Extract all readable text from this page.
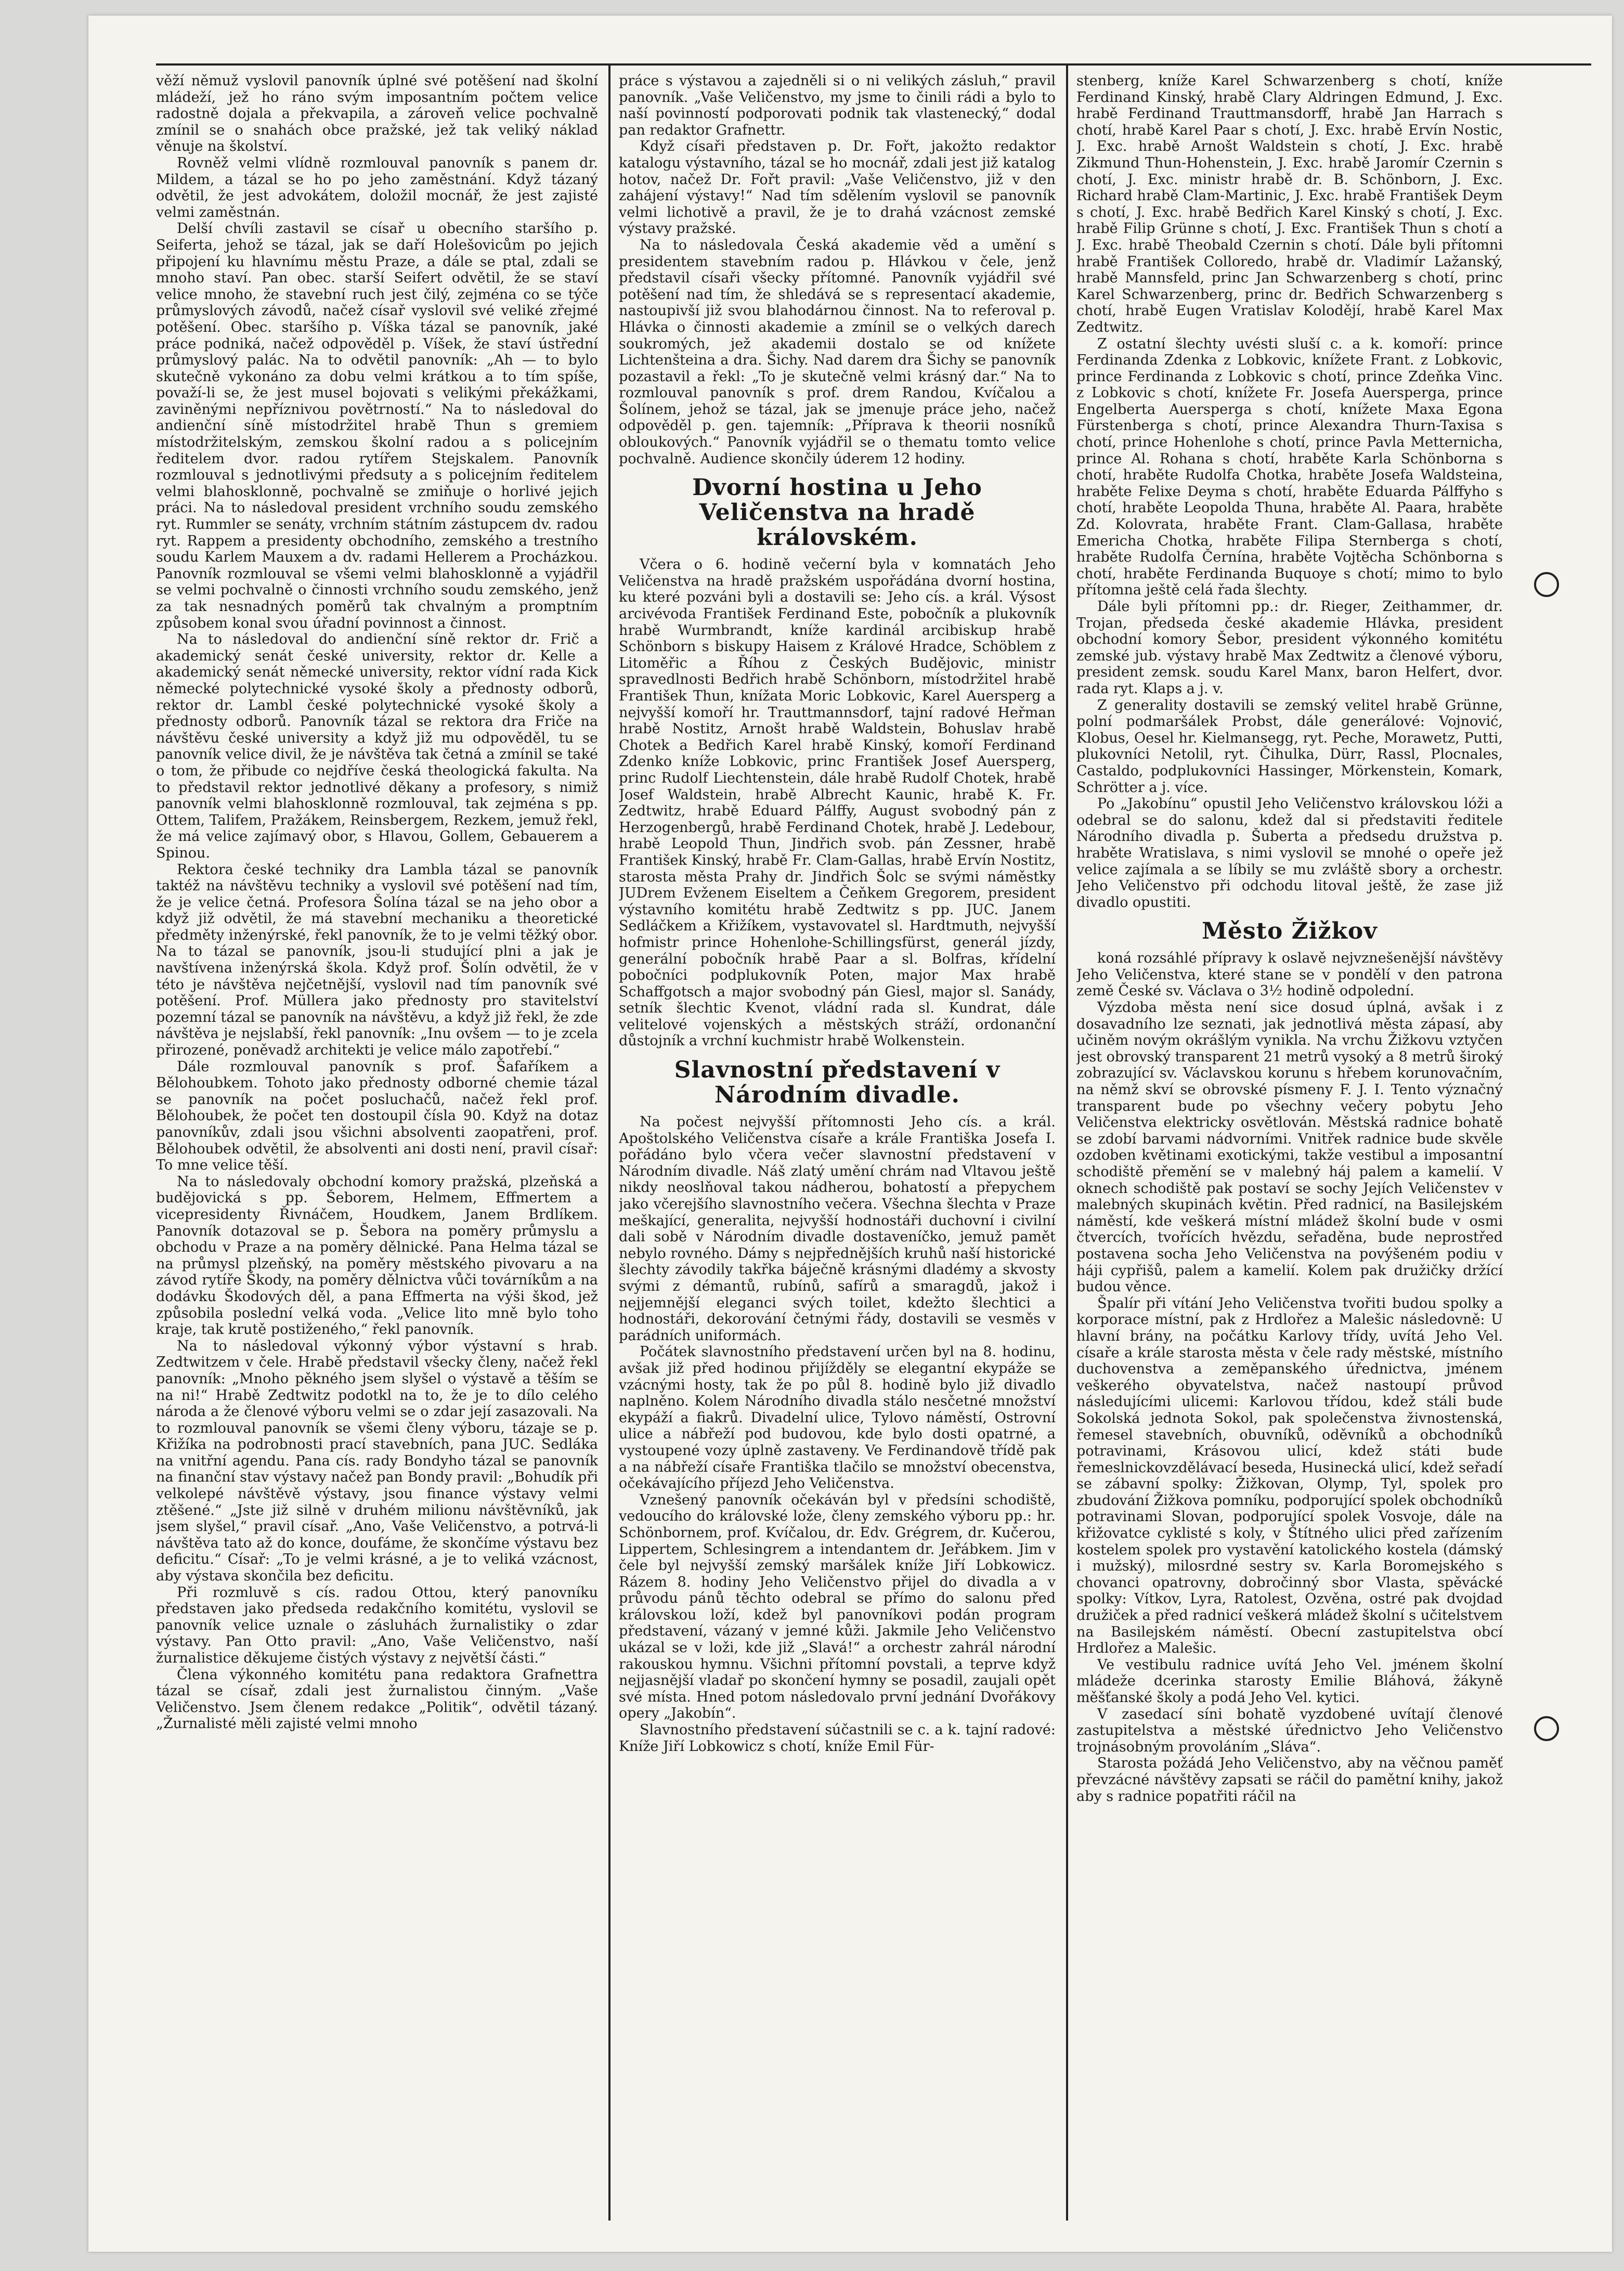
věží němuž vyslovil panovník úplné své potěšení nad školní mládeží, jež ho ráno svým imposantním počtem velice radostně dojala a překvapila, a zároveň velice pochvalně zmínil se o snahách obce pražské, jež tak veliký náklad věnuje na školství.

Rovněž velmi vlídně rozmlouval panovník s panem dr. Mildem, a tázal se ho po jeho zaměstnání. Když tázaný odvětil, že jest advokátem, doložil mocnář, že jest zajisté velmi zaměstnán.

Delší chvíli zastavil se císař u obecního staršího p. Seiferta, jehož se tázal, jak se daří Holešovicům po jejich připojení ku hlavnímu městu Praze, a dále se ptal, zdali se mnoho staví. Pan obec. starší Seifert odvětil, že se staví velice mnoho, že stavební ruch jest čilý, zejména co se týče průmyslových závodů, načež císař vyslovil své veliké zřejmé potěšení. Obec. staršího p. Víška tázal se panovník, jaké práce podniká, načež odpověděl p. Víšek, že staví ústřední průmyslový palác. Na to odvětil panovník: „Ah — to bylo skutečně vykonáno za dobu velmi krátkou a to tím spíše, považí-li se, že jest musel bojovati s velikými překážkami, zaviněnými nepříznivou povětrností.“ Na to následoval do andienční síně místodržitel hrabě Thun s gremiem místodržitelským, zemskou školní radou a s policejním ředitelem dvor. radou rytířem Stejskalem. Panovník rozmlouval s jednotlivými předsuty a s policejním ředitelem velmi blahosklonně, pochvalně se zmiňuje o horlivé jejich práci. Na to následoval president vrchního soudu zemského ryt. Rummler se senáty, vrchním státním zástupcem dv. radou ryt. Rappem a presidenty obchodního, zemského a trestního soudu Karlem Mauxem a dv. radami Hellerem a Procházkou. Panovník rozmlouval se všemi velmi blahosklonně a vyjádřil se velmi pochvalně o činnosti vrchního soudu zemského, jenž za tak nesnadných poměrů tak chvalným a promptním způsobem konal svou úřadní povinnost a činnost.

Na to následoval do andienční síně rektor dr. Frič a akademický senát české university, rektor dr. Kelle a akademický senát německé university, rektor vídní rada Kick německé polytechnické vysoké školy a přednosty odborů, rektor dr. Lambl české polytechnické vysoké školy a přednosty odborů. Panovník tázal se rektora dra Friče na návštěvu české university a když již mu odpověděl, tu se panovník velice divil, že je návštěva tak četná a zmínil se také o tom, že přibude co nejdříve česká theologická fakulta. Na to představil rektor jednotlivé děkany a profesory, s nimiž panovník velmi blahosklonně rozmlouval, tak zejména s pp. Ottem, Talifem, Pražákem, Reinsbergem, Rezkem, jemuž řekl, že má velice zajímavý obor, s Hlavou, Gollem, Gebauerem a Spinou.

Rektora české techniky dra Lambla tázal se panovník taktéž na návštěvu techniky a vyslovil své potěšení nad tím, že je velice četná. Profesora Šolína tázal se na jeho obor a když již odvětil, že má stavební mechaniku a theoretické předměty inženýrské, řekl panovník, že to je velmi těžký obor. Na to tázal se panovník, jsou-li studující plni a jak je navštívena inženýrská škola. Když prof. Šolín odvětil, že v této je návštěva nejčetnější, vyslovil nad tím panovník své potěšení. Prof. Müllera jako přednosty pro stavitelství pozemní tázal se panovník na návštěvu, a když již řekl, že zde návštěva je nejslabší, řekl panovník: „Inu ovšem — to je zcela přirozené, poněvadž architekti je velice málo zapotřebí.“

Dále rozmlouval panovník s prof. Šafaříkem a Bělohoubkem. Tohoto jako přednosty odborné chemie tázal se panovník na počet posluchačů, načež řekl prof. Bělohoubek, že počet ten dostoupil čísla 90. Když na dotaz panovníkův, zdali jsou všichni absolventi zaopatřeni, prof. Bělohoubek odvětil, že absolventi ani dosti není, pravil císař: To mne velice těší.

Na to následovaly obchodní komory pražská, plzeňská a budějovická s pp. Šeborem, Helmem, Effmertem a vicepresidenty Řivnáčem, Houdkem, Janem Brdlíkem. Panovník dotazoval se p. Šebora na poměry průmyslu a obchodu v Praze a na poměry dělnické. Pana Helma tázal se na průmysl plzeňský, na poměry městského pivovaru a na závod rytíře Škody, na poměry dělnictva vůči továrníkům a na dodávku Škodových děl, a pana Effmerta na výši škod, jež způsobila poslední velká voda. „Velice lito mně bylo toho kraje, tak krutě postiženého,“ řekl panovník.

Na to následoval výkonný výbor výstavní s hrab. Zedtwitzem v čele. Hrabě představil všecky členy, načež řekl panovník: „Mnoho pěkného jsem slyšel o výstavě a těším se na ni!“ Hrabě Zedtwitz podotkl na to, že je to dílo celého národa a že členové výboru velmi se o zdar její zasazovali. Na to rozmlouval panovník se všemi členy výboru, tázaje se p. Křižíka na podrobnosti prací stavebních, pana JUC. Sedláka na vnitřní agendu. Pana cís. rady Bondyho tázal se panovník na finanční stav výstavy načež pan Bondy pravil: „Bohudík při velkolepé návštěvě výstavy, jsou finance výstavy velmi ztěšené.“ „Jste již silně v druhém milionu návštěvníků, jak jsem slyšel,“ pravil císař. „Ano, Vaše Veličenstvo, a potrvá-li návštěva tato až do konce, doufáme, že skončíme výstavu bez deficitu.“ Císař: „To je velmi krásné, a je to veliká vzácnost, aby výstava skončila bez deficitu.

Při rozmluvě s cís. radou Ottou, který panovníku představen jako předseda redakčního komitétu, vyslovil se panovník velice uznale o zásluhách žurnalistiky o zdar výstavy. Pan Otto pravil: „Ano, Vaše Veličenstvo, naší žurnalistice děkujeme čistých výstavy z největší části.“

Člena výkonného komitétu pana redaktora Grafnettra tázal se císař, zdali jest žurnalistou činným. „Vaše Veličenstvo. Jsem členem redakce „Politik“, odvětil tázaný. „Žurnalisté měli zajisté velmi mnoho

práce s výstavou a zajedněli si o ni velikých zásluh,“ pravil panovník. „Vaše Veličenstvo, my jsme to činili rádi a bylo to naší povinností podporovati podnik tak vlastenecký,“ dodal pan redaktor Grafnettr.

Když císaři představen p. Dr. Fořt, jakožto redaktor katalogu výstavního, tázal se ho mocnář, zdali jest již katalog hotov, načež Dr. Fořt pravil: „Vaše Veličenstvo, již v den zahájení výstavy!“ Nad tím sdělením vyslovil se panovník velmi lichotivě a pravil, že je to drahá vzácnost zemské výstavy pražské.

Na to následovala Česká akademie věd a umění s presidentem stavebním radou p. Hlávkou v čele, jenž představil císaři všecky přítomné. Panovník vyjádřil své potěšení nad tím, že shledává se s representací akademie, nastoupivší již svou blahodárnou činnost. Na to referoval p. Hlávka o činnosti akademie a zmínil se o velkých darech soukromých, jež akademii dostalo se od knížete Lichtenšteina a dra. Šichy. Nad darem dra Šichy se panovník pozastavil a řekl: „To je skutečně velmi krásný dar.“ Na to rozmlouval panovník s prof. drem Randou, Kvíčalou a Šolínem, jehož se tázal, jak se jmenuje práce jeho, načež odpověděl p. gen. tajemník: „Příprava k theorii nosníků obloukových.“ Panovník vyjádřil se o thematu tomto velice pochvalně. Audience skončily úderem 12 hodiny.

Dvorní hostina u Jeho Veličenstva na hradě královském.

Včera o 6. hodině večerní byla v komnatách Jeho Veličenstva na hradě pražském uspořádána dvorní hostina, ku které pozváni byli a dostavili se: Jeho cís. a král. Výsost arcivévoda František Ferdinand Este, pobočník a plukovník hrabě Wurmbrandt, kníže kardinál arcibiskup hrabě Schönborn s biskupy Haisem z Králové Hradce, Schöblem z Litoměřic a Říhou z Českých Budějovic, ministr spravedlnosti Bedřich hrabě Schönborn, místodržitel hrabě František Thun, knížata Moric Lobkovic, Karel Auersperg a nejvyšší komoří hr. Trauttmannsdorf, tajní radové Heřman hrabě Nostitz, Arnošt hrabě Waldstein, Bohuslav hrabě Chotek a Bedřich Karel hrabě Kinský, komoří Ferdinand Zdenko kníže Lobkovic, princ František Josef Auersperg, princ Rudolf Liechtenstein, dále hrabě Rudolf Chotek, hrabě Josef Waldstein, hrabě Albrecht Kaunic, hrabě K. Fr. Zedtwitz, hrabě Eduard Pálffy, August svobodný pán z Herzogenbergů, hrabě Ferdinand Chotek, hrabě J. Ledebour, hrabě Leopold Thun, Jindřich svob. pán Zessner, hrabě František Kinský, hrabě Fr. Clam-Gallas, hrabě Ervín Nostitz, starosta města Prahy dr. Jindřich Šolc se svými náměstky JUDrem Evženem Eiseltem a Čeňkem Gregorem, president výstavního komitétu hrabě Zedtwitz s pp. JUC. Janem Sedláčkem a Křižíkem, vystavovatel sl. Hardtmuth, nejvyšší hofmistr prince Hohenlohe-Schillingsfürst, generál jízdy, generální pobočník hrabě Paar a sl. Bolfras, křídelní pobočníci podplukovník Poten, major Max hrabě Schaffgotsch a major svobodný pán Giesl, major sl. Sanády, setník šlechtic Kvenot, vládní rada sl. Kundrat, dále velitelové vojenských a městských stráží, ordonanční důstojník a vrchní kuchmistr hrabě Wolkenstein.

Slavnostní představení v Národním divadle.

Na počest nejvyšší přítomnosti Jeho cís. a král. Apoštolského Veličenstva císaře a krále Františka Josefa I. pořádáno bylo včera večer slavnostní představení v Národním divadle. Náš zlatý umění chrám nad Vltavou ještě nikdy neoslňoval takou nádherou, bohatostí a přepychem jako včerejšího slavnostního večera. Všechna šlechta v Praze meškající, generalita, nejvyšší hodnostáři duchovní i civilní dali sobě v Národním divadle dostaveníčko, jemuž pamět nebylo rovného. Dámy s nejpřednějších kruhů naší historické šlechty závodily takřka báječně krásnými dladémy a skvosty svými z démantů, rubínů, safírů a smaragdů, jakož i nejjemnější eleganci svých toilet, kdežto šlechtici a hodnostáři, dekorování četnými řády, dostavili se vesměs v parádních uniformách.

Počátek slavnostního představení určen byl na 8. hodinu, avšak již před hodinou přijížděly se elegantní ekypáže se vzácnými hosty, tak že po půl 8. hodině bylo již divadlo naplněno. Kolem Národního divadla stálo nesčetné množství ekypáží a fiakrů. Divadelní ulice, Tylovo náměstí, Ostrovní ulice a nábřeží pod budovou, kde bylo dosti opatrné, a vystoupené vozy úplně zastaveny. Ve Ferdinandově třídě pak a na nábřeží císaře Františka tlačilo se množství obecenstva, očekávajícího příjezd Jeho Veličenstva.

Vznešený panovník očekáván byl v předsíni schodiště, vedoucího do královské lože, členy zemského výboru pp.: hr. Schönbornem, prof. Kvíčalou, dr. Edv. Grégrem, dr. Kučerou, Lippertem, Schlesingrem a intendantem dr. Jeřábkem. Jim v čele byl nejvyšší zemský maršálek kníže Jiří Lobkowicz. Rázem 8. hodiny Jeho Veličenstvo přijel do divadla a v průvodu pánů těchto odebral se přímo do salonu před královskou loží, kdež byl panovníkovi podán program představení, vázaný v jemné kůži. Jakmile Jeho Veličenstvo ukázal se v loži, kde již „Slavá!“ a orchestr zahrál národní rakouskou hymnu. Všichni přítomní povstali, a teprve když nejjasnější vladař po skončení hymny se posadil, zaujali opět své místa. Hned potom následovalo první jednání Dvořákovy opery „Jakobín“.

Slavnostního představení súčastnili se c. a k. tajní radové: Kníže Jiří Lobkowicz s chotí, kníže Emil Für-

stenberg, kníže Karel Schwarzenberg s chotí, kníže Ferdinand Kinský, hrabě Clary Aldringen Edmund, J. Exc. hrabě Ferdinand Trauttmansdorff, hrabě Jan Harrach s chotí, hrabě Karel Paar s chotí, J. Exc. hrabě Ervín Nostic, J. Exc. hrabě Arnošt Waldstein s chotí, J. Exc. hrabě Zikmund Thun-Hohenstein, J. Exc. hrabě Jaromír Czernin s chotí, J. Exc. ministr hrabě dr. B. Schönborn, J. Exc. Richard hrabě Clam-Martinic, J. Exc. hrabě František Deym s chotí, J. Exc. hrabě Bedřich Karel Kinský s chotí, J. Exc. hrabě Filip Grünne s chotí, J. Exc. František Thun s chotí a J. Exc. hrabě Theobald Czernin s chotí. Dále byli přítomni hrabě František Colloredo, hrabě dr. Vladimír Lažanský, hrabě Mannsfeld, princ Jan Schwarzenberg s chotí, princ Karel Schwarzenberg, princ dr. Bedřich Schwarzenberg s chotí, hrabě Eugen Vratislav Kolodějí, hrabě Karel Max Zedtwitz.

Z ostatní šlechty uvésti sluší c. a k. komoří: prince Ferdinanda Zdenka z Lobkovic, knížete Frant. z Lobkovic, prince Ferdinanda z Lobkovic s chotí, prince Zdeňka Vinc. z Lobkovic s chotí, knížete Fr. Josefa Auersperga, prince Engelberta Auersperga s chotí, knížete Maxa Egona Fürstenberga s chotí, prince Alexandra Thurn-Taxisa s chotí, prince Hohenlohe s chotí, prince Pavla Metternicha, prince Al. Rohana s chotí, hraběte Karla Schönborna s chotí, hraběte Rudolfa Chotka, hraběte Josefa Waldsteina, hraběte Felixe Deyma s chotí, hraběte Eduarda Pálffyho s chotí, hraběte Leopolda Thuna, hraběte Al. Paara, hraběte Zd. Kolovrata, hraběte Frant. Clam-Gallasa, hraběte Emericha Chotka, hraběte Filipa Sternberga s chotí, hraběte Rudolfa Černína, hraběte Vojtěcha Schönborna s chotí, hraběte Ferdinanda Buquoye s chotí; mimo to bylo přítomna ještě celá řada šlechty.

Dále byli přítomni pp.: dr. Rieger, Zeithammer, dr. Trojan, předseda české akademie Hlávka, president obchodní komory Šebor, president výkonného komitétu zemské jub. výstavy hrabě Max Zedtwitz a členové výboru, president zemsk. soudu Karel Manx, baron Helfert, dvor. rada ryt. Klaps a j. v.

Z generality dostavili se zemský velitel hrabě Grünne, polní podmaršálek Probst, dále generálové: Vojnović, Klobus, Oesel hr. Kielmansegg, ryt. Peche, Morawetz, Putti, plukovníci Netolil, ryt. Čihulka, Dürr, Rassl, Plocnales, Castaldo, podplukovníci Hassinger, Mörkenstein, Komark, Schrötter a j. více.

Po „Jakobínu“ opustil Jeho Veličenstvo královskou lóži a odebral se do salonu, kdež dal si představiti ředitele Národního divadla p. Šuberta a předsedu družstva p. hraběte Wratislava, s nimi vyslovil se mnohé o opeře jež velice zajímala a se líbily se mu zvláště sbory a orchestr. Jeho Veličenstvo při odchodu litoval ještě, že zase již divadlo opustiti.

Město Žižkov

koná rozsáhlé přípravy k oslavě nejvznešenější návštěvy Jeho Veličenstva, které stane se v pondělí v den patrona země České sv. Václava o 3½ hodině odpolední.

Výzdoba města není sice dosud úplná, avšak i z dosavadního lze seznati, jak jednotlivá města zápasí, aby učiněm novým okrášlým vynikla. Na vrchu Žižkovu vztyčen jest obrovský transparent 21 metrů vysoký a 8 metrů široký zobrazující sv. Václavskou korunu s hřebem korunovačním, na němž skví se obrovské písmeny F. J. I. Tento význačný transparent bude po všechny večery pobytu Jeho Veličenstva elektricky osvětlován. Městská radnice bohatě se zdobí barvami nádvorními. Vnitřek radnice bude skvěle ozdoben květinami exotickými, takže vestibul a imposantní schodiště přemění se v malebný háj palem a kamelií. V oknech schodiště pak postaví se sochy Jejích Veličenstev v malebných skupinách květin. Před radnicí, na Basilejském náměstí, kde veškerá místní mládež školní bude v osmi čtvercích, tvořících hvězdu, seřaděna, bude neprostřed postavena socha Jeho Veličenstva na povýšeném podiu v háji cypřišů, palem a kamelií. Kolem pak družičky držící budou věnce.

Špalír při vítání Jeho Veličenstva tvořiti budou spolky a korporace místní, pak z Hrdlořez a Malešic následovně: U hlavní brány, na počátku Karlovy třídy, uvítá Jeho Vel. císaře a krále starosta města v čele rady městské, místního duchovenstva a zeměpanského úřednictva, jménem veškerého obyvatelstva, načež nastoupí průvod následujícími ulicemi: Karlovou třídou, kdež stáli bude Sokolská jednota Sokol, pak společenstva živnostenská, řemesel stavebních, obuvníků, oděvníků a obchodníků potravinami, Krásovou ulicí, kdež státi bude řemeslnickovzdělávací beseda, Husinecká ulicí, kdež seřadí se zábavní spolky: Žižkovan, Olymp, Tyl, spolek pro zbudování Žižkova pomníku, podporující spolek obchodníků potravinami Slovan, podporující spolek Vosvoje, dále na křižovatce cyklisté s koly, v Štítného ulici před zařízením kostelem spolek pro vystavění katolického kostela (dámský i mužský), milosrdné sestry sv. Karla Boromejského s chovanci opatrovny, dobročinný sbor Vlasta, spěvácké spolky: Vítkov, Lyra, Ratolest, Ozvěna, ostré pak dvojdad družiček a před radnicí veškerá mládež školní s učitelstvem na Basilejském náměstí. Obecní zastupitelstva obcí Hrdlořez a Malešic.

Ve vestibulu radnice uvítá Jeho Vel. jménem školní mládeže dcerinka starosty Emilie Bláhová, žákyně měšťanské školy a podá Jeho Vel. kytici.

V zasedací síni bohatě vyzdobené uvítají členové zastupitelstva a městské úřednictvo Jeho Veličenstvo trojnásobným provoláním „Sláva“.

Starosta požádá Jeho Veličenstvo, aby na věčnou paměť převzácné návštěvy zapsati se ráčil do pamětní knihy, jakož aby s radnice popatřiti ráčil na
